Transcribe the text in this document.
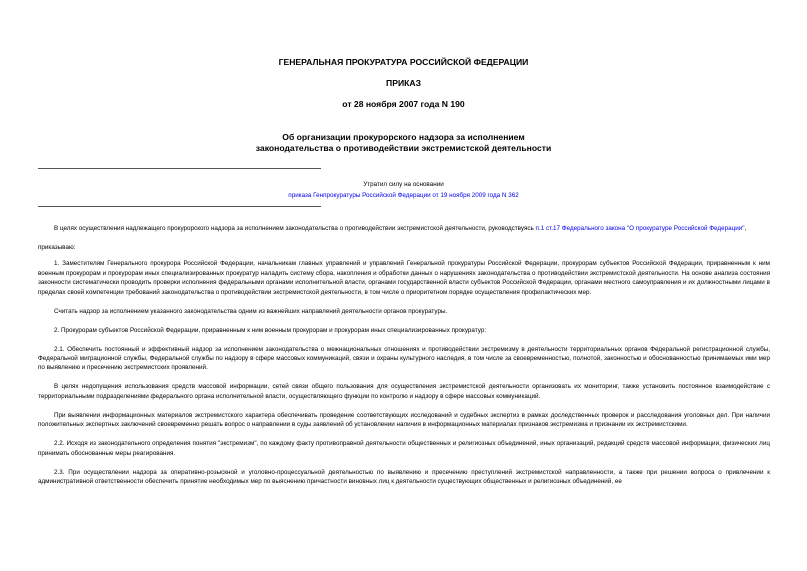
ГЕНЕРАЛЬНАЯ ПРОКУРАТУРА РОССИЙСКОЙ ФЕДЕРАЦИИ
ПРИКАЗ
от 28 ноября 2007 года N 190
Об организации прокурорского надзора за исполнением
законодательства о противодействии экстремистской деятельности
Утратил силу на основании
приказа Генпрокуратуры Российской Федерации от 19 ноября 2009 года N 362

В целях осуществления надлежащего прокурорского надзора за исполнением законодательства о противодействии экстремистской деятельности, руководствуясь п.1 ст.17 Федерального закона "О прокуратуре Российской Федерации",

приказываю:

1. Заместителям Генерального прокурора Российской Федерации, начальникам главных управлений и управлений Генеральной прокуратуры Российской Федерации, прокурорам субъектов Российской Федерации, приравненным к ним военным прокурорам и прокурорам иных специализированных прокуратур наладить систему сбора, накопления и обработки данных о нарушениях законодательства о противодействии экстремистской деятельности. На основе анализа состояния законности систематически проводить проверки исполнения федеральными органами исполнительной власти, органами государственной власти субъектов Российской Федерации, органами местного самоуправления и их должностными лицами в пределах своей компетенции требований законодательства о противодействии экстремистской деятельности, в том числе о приоритетном порядке осуществления профилактических мер.

Считать надзор за исполнением указанного законодательства одним из важнейших направлений деятельности органов прокуратуры.

2. Прокурорам субъектов Российской Федерации, приравненным к ним военным прокурорам и прокурорам иных специализированных прокуратур:

2.1. Обеспечить постоянный и эффективный надзор за исполнением законодательства о межнациональных отношениях и противодействии экстремизму в деятельности территориальных органов Федеральной регистрационной службы, Федеральной миграционной службы, Федеральной службы по надзору в сфере массовых коммуникаций, связи и охраны культурного наследия, в том числе за своевременностью, полнотой, законностью и обоснованностью принимаемых ими мер по выявлению и пресечению экстремистских проявлений.

В целях недопущения использования средств массовой информации, сетей связи общего пользования для осуществления экстремистской деятельности организовать их мониторинг, также установить постоянное взаимодействие с территориальными подразделениями федерального органа исполнительной власти, осуществляющего функции по контролю и надзору в сфере массовых коммуникаций.

При выявлении информационных материалов экстремистского характера обеспечивать проведение соответствующих исследований и судебных экспертиз в рамках доследственных проверок и расследования уголовных дел. При наличии положительных экспертных заключений своевременно решать вопрос о направлении в суды заявлений об установлении наличия в информационных материалах признаков экстремизма и признании их экстремистскими.

2.2. Исходя из законодательного определения понятия "экстремизм", по каждому факту противоправной деятельности общественных и религиозных объединений, иных организаций, редакций средств массовой информации, физических лиц принимать обоснованные меры реагирования.

2.3. При осуществлении надзора за оперативно-розыскной и уголовно-процессуальной деятельностью по выявлению и пресечению преступлений экстремистской направленности, а также при решении вопроса о привлечении к административной ответственности обеспечить принятие необходимых мер по выяснению причастности виновных лиц к деятельности существующих общественных и религиозных объединений, ее
